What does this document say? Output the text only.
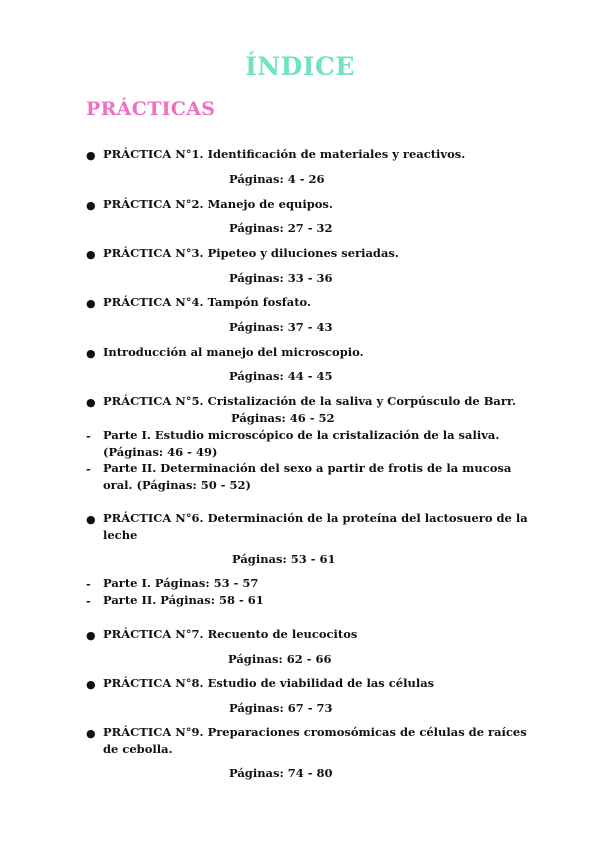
ÍNDICE
PRÁCTICAS
● PRÁCTICA N°1. Identificación de materiales y reactivos.
Páginas: 4 - 26
● PRÁCTICA N°2. Manejo de equipos.
Páginas: 27 - 32
● PRÁCTICA N°3. Pipeteo y diluciones seriadas.
Páginas: 33 - 36
● PRÁCTICA N°4. Tampón fosfato.
Páginas: 37 - 43
● Introducción al manejo del microscopio.
Páginas: 44 - 45
● PRÁCTICA N°5. Cristalización de la saliva y Corpúsculo de Barr.
Páginas: 46 - 52
- Parte I. Estudio microscópico de la cristalización de la saliva. (Páginas: 46 - 49)
- Parte II. Determinación del sexo a partir de frotis de la mucosa oral. (Páginas: 50 - 52)
● PRÁCTICA N°6. Determinación de la proteína del lactosuero de la leche
Páginas: 53 - 61
- Parte I. Páginas: 53 - 57
- Parte II. Páginas: 58 - 61
● PRÁCTICA N°7. Recuento de leucocitos
Páginas: 62 - 66
● PRÁCTICA N°8. Estudio de viabilidad de las células
Páginas: 67 - 73
● PRÁCTICA N°9. Preparaciones cromosómicas de células de raíces de cebolla.
Páginas: 74 - 80
